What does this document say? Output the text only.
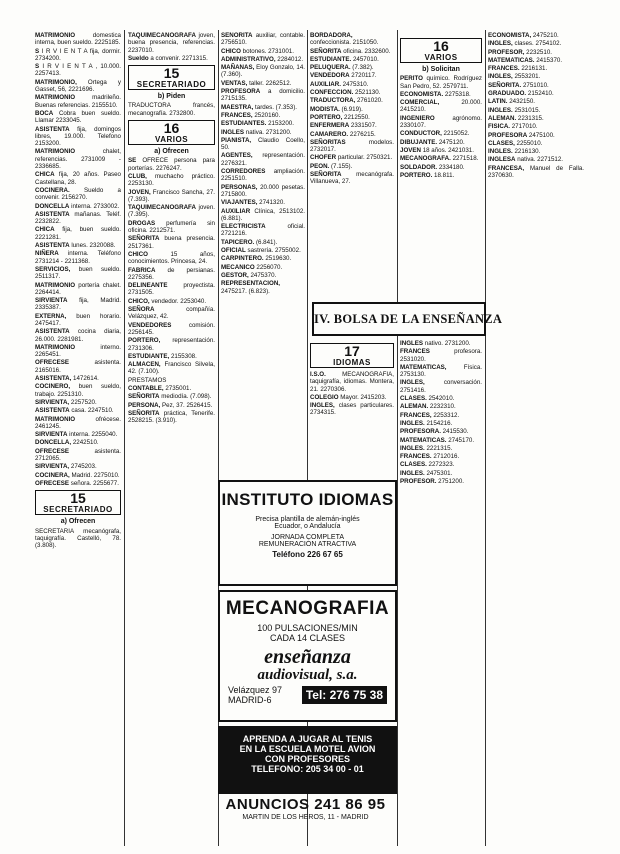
MATRIMONIO domestica interna, buen sueldo. 2225185.

S I R V I E N T A fija, dormir. 2734200.

S I R V I E N T A , 10.000. 2257413.

MATRIMONIO, Ortega y Gasset, 56, 2221696.

MATRIMONIO madrileño. Buenas referencias. 2155510.

BOCA Cobra buen sueldo. Llamar 2233045.

ASISTENTA fija, domingos libres, 19.000. Telefono 2153200.

MATRIMONIO chalet, referencias. 2731009 - 2336685.

CHICA fija, 20 años. Paseo Castellana, 28.

COCINERA. Sueldo a convenir. 2156270.

DONCELLA interna. 2733002.

ASISTENTA mañanas. Teléf. 2232822.

CHICA fija, buen sueldo. 2221281.

ASISTENTA lunes. 2320088.

NIÑERA interna. Teléfono 2731214 - 2211368.

SERVICIOS, buen sueldo. 2511317.

MATRIMONIO portería chalet. 2264414.

SIRVIENTA fija, Madrid. 2335387.

EXTERNA, buen horario. 2475417.

ASISTENTA cocina diaria, 26.000. 2281981.

MATRIMONIO interno. 2265451.

OFRECESE asistenta. 2165016.

ASISTENTA, 1472614.

COCINERO, buen sueldo, trabajo. 2251310.

SIRVIENTA, 2257520.

ASISTENTA casa. 2247510.

MATRIMONIO ofrécese. 2461245.

SIRVIENTA interna. 2255040.

DONCELLA, 2242510.

OFRECESE asistenta. 2712065.

SIRVIENTA, 2745203.

COCINERA, Madrid. 2275010.

OFRECESE señora. 2255677.

15
SECRETARIADO
a) Ofrecen

SECRETARIA mecanógrafa, taquigrafía. Castelló, 78. (3.808).

TAQUIMECANOGRAFA joven, buena presencia, referencias. 2237010.

Sueldo a convenir. 2271315.

15
SECRETARIADO
b) Piden

TRADUCTORA francés, mecanografía. 2732800.

16
VARIOS
a) Ofrecen

SE OFRECE persona para porterías. 2276247.

CLUB, muchacho práctico. 2253130.

JOVEN, Francisco Sancha, 27. (7.393).

TAQUIMECANOGRAFA joven. (7.395).

DROGAS perfumería sin oficina. 2212571.

SEÑORITA buena presencia. 2517361.

CHICO 15 años, conocimientos. Princesa, 24.

FABRICA de persianas. 2275356.

DELINEANTE proyectista. 2731505.

CHICO, vendedor. 2253040.

SEÑORA compañía. Velázquez, 42.

VENDEDORES comisión. 2256145.

PORTERO, representación. 2731306.

ESTUDIANTE, 2155308.

ALMACEN, Francisco Silvela, 42. (7.100).

PRESTAMOS

CONTABLE, 2735001.

SEÑORITA mediodía. (7.098).

PERSONA, Pez, 37. 2526415.

SEÑORITA práctica, Tenerife. 2528215. (3.910).

SEÑORITA auxiliar, contable. 2756510.

CHICO botones. 2731001.

ADMINISTRATIVO, 2284012.

MAÑANAS, Eloy Gonzalo, 14. (7.360).

VENTAS, taller. 2262512.

PROFESORA a domicilio. 2715135.

MAESTRA, tardes. (7.353).

FRANCES, 2520160.

ESTUDIANTES. 2153200.

INGLES nativa. 2731200.

PIANISTA, Claudio Coello, 50.

AGENTES, representación. 2276321.

CORREDORES ampliación. 2251510.

PERSONAS, 20.000 pesetas. 2715800.

VIAJANTES, 2741320.

AUXILIAR Clínica, 2513102. (6.881).

ELECTRICISTA oficial. 2721216.

TAPICERO. (6.841).

OFICIAL sastrería. 2755002.

CARPINTERO. 2519630.

MECANICO 2256070.

GESTOR, 2475370.

REPRESENTACION, 2475217. (6.823).

BORDADORA, confeccionista. 2151050.

SEÑORITA oficina. 2332600.

ESTUDIANTE. 2457010.

PELUQUERA. (7.382).

VENDEDORA 2720117.

AUXILIAR. 2475310.

CONFECCION. 2521130.

TRADUCTORA, 2761020.

MODISTA. (6.919).

PORTERO, 2212550.

ENFERMERA 2331507.

CAMARERO. 2276215.

SEÑORITAS modelos. 2732017.

CHOFER particular. 2750321.

PEON. (7.155).

SEÑORITA mecanógrafa. Villanueva, 27.

16
VARIOS
b) Solicitan

PERITO químico. Rodríguez San Pedro, 52. 2579711.

ECONOMISTA. 2275318.

COMERCIAL, 20.000. 2415210.

INGENIERO agrónomo. 2330107.

CONDUCTOR, 2215052.

DIBUJANTE. 2475120.

JOVEN 18 años. 2421031.

MECANOGRAFA. 2271518.

SOLDADOR. 2334180.

PORTERO. 18.811.

ECONOMISTA, 2475210.

INGLES, clases. 2754102.

PROFESOR, 2232510.

MATEMATICAS. 2415370.

FRANCES. 2216131.

INGLES, 2553201.

SEÑORITA. 2751010.

GRADUADO. 2152410.

LATIN. 2432150.

INGLES. 2531015.

ALEMAN. 2231315.

FISICA. 2717010.

PROFESORA 2475100.

CLASES, 2255010.

INGLES. 2216130.

INGLESA nativa. 2271512.

FRANCESA, Manuel de Falla. 2370630.

IV. BOLSA DE LA ENSEÑANZA
17
IDIOMAS

I.S.O. MECANOGRAFIA, taquigrafía, idiomas. Montera, 21. 2270306.

COLEGIO Mayor. 2415203.

INGLES, clases particulares. 2734315.

INGLES nativo. 2731200.

FRANCES profesora. 2531020.

MATEMATICAS, Física. 2753130.

INGLES, conversación. 2751416.

CLASES. 2542010.

ALEMAN. 2232310.

FRANCES, 2253312.

INGLES. 2154216.

PROFESORA. 2415530.

MATEMATICAS. 2745170.

INGLES. 2221315.

FRANCES. 2712016.

CLASES. 2272323.

INGLES. 2475301.

PROFESOR. 2751200.

INSTITUTO IDIOMAS
Precisa plantilla de alemán-inglés
Ecuador, o Andalucía
JORNADA COMPLETA
REMUNERACIÓN ATRACTIVA
Teléfono 226 67 65
MECANOGRAFIA
100 PULSACIONES/MIN
CADA 14 CLASES
enseñanza
audiovisual, s.a.
Velázquez 97
MADRID-6	Tel: 276 75 38
APRENDA A JUGAR AL TENIS
EN LA ESCUELA MOTEL AVION
CON PROFESORES
TELEFONO: 205 34 00 - 01
ANUNCIOS 241 86 95
MARTIN DE LOS HEROS, 11 - MADRID
